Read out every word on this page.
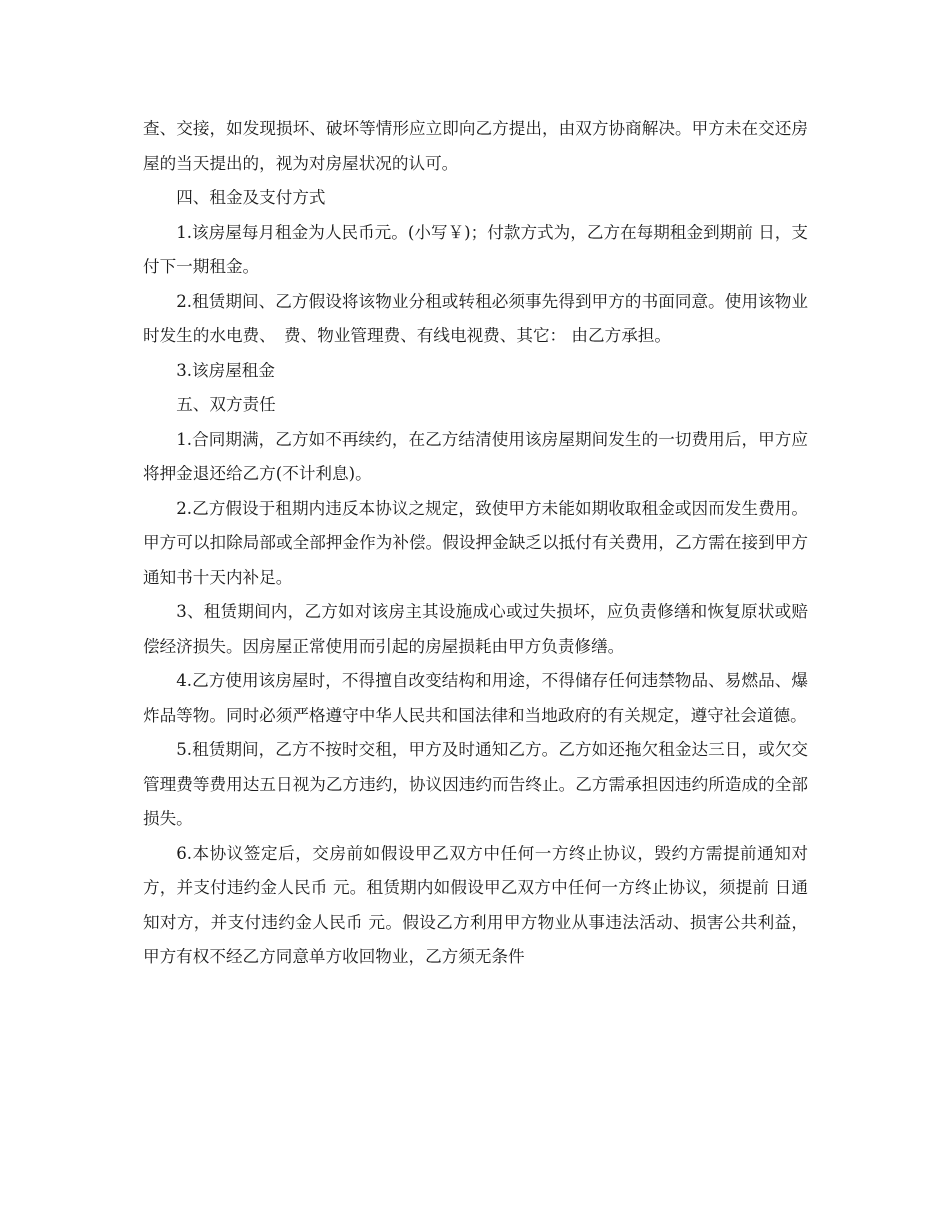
查、交接，如发现损坏、破坏等情形应立即向乙方提出，由双方协商解决。甲方未在交还房屋的当天提出的，视为对房屋状况的认可。

四、租金及支付方式

1.该房屋每月租金为人民币元。(小写￥)；付款方式为，乙方在每期租金到期前 日，支付下一期租金。

2.租赁期间、乙方假设将该物业分租或转租必须事先得到甲方的书面同意。使用该物业时发生的水电费、　费、物业管理费、有线电视费、其它： 由乙方承担。

3.该房屋租金

五、双方责任

1.合同期满，乙方如不再续约，在乙方结清使用该房屋期间发生的一切费用后，甲方应将押金退还给乙方(不计利息)。

2.乙方假设于租期内违反本协议之规定，致使甲方未能如期收取租金或因而发生费用。甲方可以扣除局部或全部押金作为补偿。假设押金缺乏以抵付有关费用，乙方需在接到甲方通知书十天内补足。

3、租赁期间内，乙方如对该房主其设施成心或过失损坏，应负责修缮和恢复原状或赔偿经济损失。因房屋正常使用而引起的房屋损耗由甲方负责修缮。

4.乙方使用该房屋时，不得擅自改变结构和用途，不得储存任何违禁物品、易燃品、爆炸品等物。同时必须严格遵守中华人民共和国法律和当地政府的有关规定，遵守社会道德。

5.租赁期间，乙方不按时交租，甲方及时通知乙方。乙方如还拖欠租金达三日，或欠交管理费等费用达五日视为乙方违约，协议因违约而告终止。乙方需承担因违约所造成的全部损失。

6.本协议签定后，交房前如假设甲乙双方中任何一方终止协议，毁约方需提前通知对方，并支付违约金人民币 元。租赁期内如假设甲乙双方中任何一方终止协议，须提前 日通知对方，并支付违约金人民币 元。假设乙方利用甲方物业从事违法活动、损害公共利益，甲方有权不经乙方同意单方收回物业，乙方须无条件
